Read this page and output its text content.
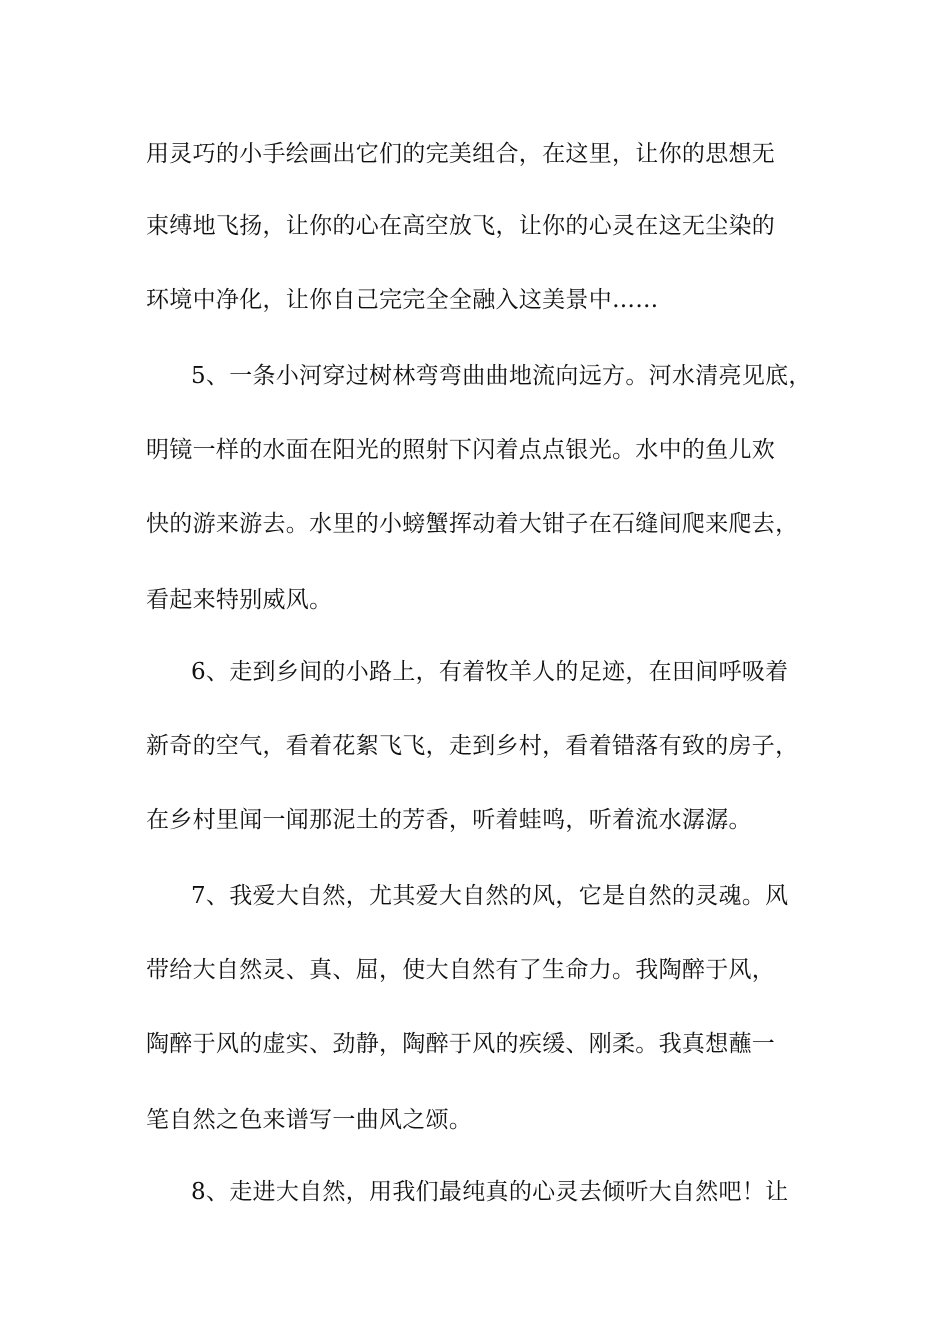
用灵巧的小手绘画出它们的完美组合，在这里，让你的思想无
束缚地飞扬，让你的心在高空放飞，让你的心灵在这无尘染的
环境中净化，让你自己完完全全融入这美景中……
5、一条小河穿过树林弯弯曲曲地流向远方。河水清亮见底，
明镜一样的水面在阳光的照射下闪着点点银光。水中的鱼儿欢
快的游来游去。水里的小螃蟹挥动着大钳子在石缝间爬来爬去，
看起来特别威风。
6、走到乡间的小路上，有着牧羊人的足迹，在田间呼吸着
新奇的空气，看着花絮飞飞，走到乡村，看着错落有致的房子，
在乡村里闻一闻那泥土的芳香，听着蛙鸣，听着流水潺潺。
7、我爱大自然，尤其爱大自然的风，它是自然的灵魂。风
带给大自然灵、真、屈，使大自然有了生命力。我陶醉于风，
陶醉于风的虚实、劲静，陶醉于风的疾缓、刚柔。我真想蘸一
笔自然之色来谱写一曲风之颂。
8、走进大自然，用我们最纯真的心灵去倾听大自然吧！让
